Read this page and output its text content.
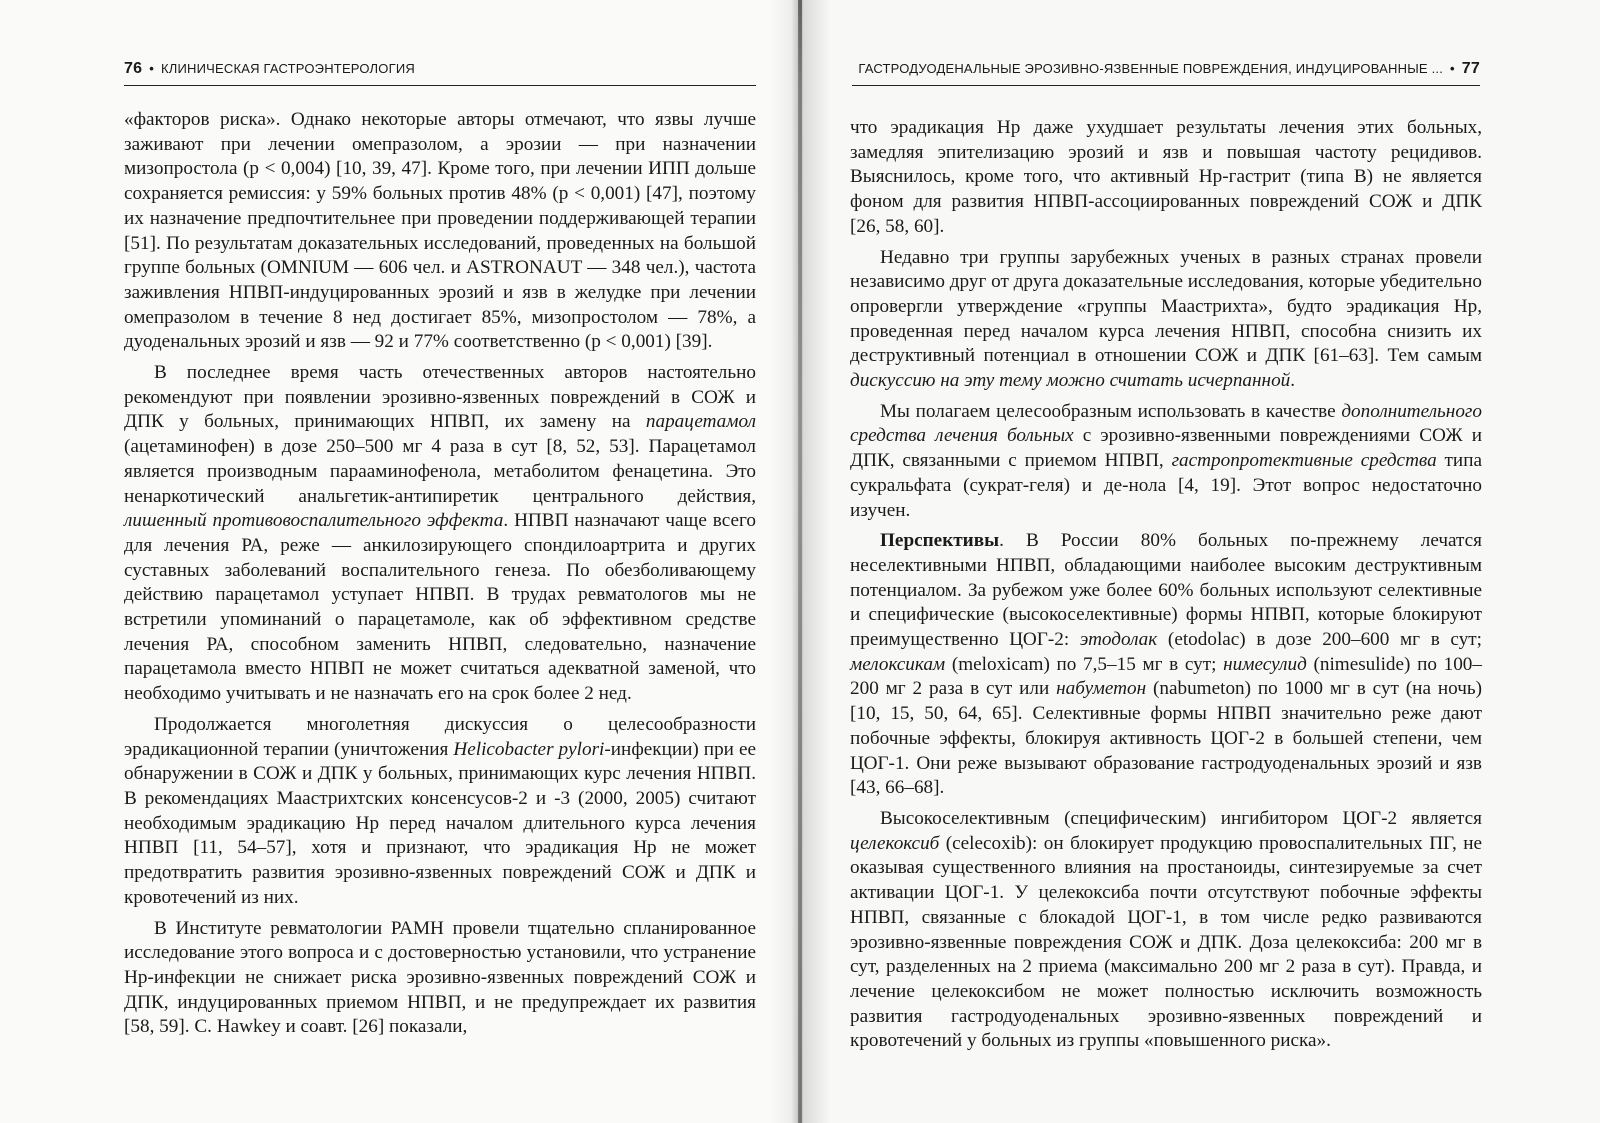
76 • КЛИНИЧЕСКАЯ ГАСТРОЭНТЕРОЛОГИЯ	ГАСТРОДУОДЕНАЛЬНЫЕ ЭРОЗИВНО-ЯЗВЕННЫЕ ПОВРЕЖДЕНИЯ, ИНДУЦИРОВАННЫЕ ... • 77

«факторов риска». Однако некоторые авторы отмечают, что язвы лучше заживают при лечении омепразолом, а эрозии — при назначении мизопростола (р < 0,004) [10, 39, 47]. Кроме того, при лечении ИПП дольше сохраняется ремиссия: у 59% больных против 48% (р < 0,001) [47], поэтому их назначение предпочтительнее при проведении поддерживающей терапии [51]. По результатам доказательных исследований, проведенных на большой группе больных (OMNIUM — 606 чел. и ASTRONAUT — 348 чел.), частота заживления НПВП-индуцированных эрозий и язв в желудке при лечении омепразолом в течение 8 нед достигает 85%, мизопростолом — 78%, а дуоденальных эрозий и язв — 92 и 77% соответственно (р < 0,001) [39].

В последнее время часть отечественных авторов настоятельно рекомендуют при появлении эрозивно-язвенных повреждений в СОЖ и ДПК у больных, принимающих НПВП, их замену на парацетамол (ацетаминофен) в дозе 250–500 мг 4 раза в сут [8, 52, 53]. Парацетамол является производным парааминофенола, метаболитом фенацетина. Это ненаркотический анальгетик-антипиретик центрального действия, лишенный противовоспалительного эффекта. НПВП назначают чаще всего для лечения РА, реже — анкилозирующего спондилоартрита и других суставных заболеваний воспалительного генеза. По обезболивающему действию парацетамол уступает НПВП. В трудах ревматологов мы не встретили упоминаний о парацетамоле, как об эффективном средстве лечения РА, способном заменить НПВП, следовательно, назначение парацетамола вместо НПВП не может считаться адекватной заменой, что необходимо учитывать и не назначать его на срок более 2 нед.

Продолжается многолетняя дискуссия о целесообразности эрадикационной терапии (уничтожения Helicobacter pylori-инфекции) при ее обнаружении в СОЖ и ДПК у больных, принимающих курс лечения НПВП. В рекомендациях Маастрихтских консенсусов-2 и -3 (2000, 2005) считают необходимым эрадикацию Нр перед началом длительного курса лечения НПВП [11, 54–57], хотя и признают, что эрадикация Нр не может предотвратить развития эрозивно-язвенных повреждений СОЖ и ДПК и кровотечений из них.

В Институте ревматологии РАМН провели тщательно спланированное исследование этого вопроса и с достоверностью установили, что устранение Нр-инфекции не снижает риска эрозивно-язвенных повреждений СОЖ и ДПК, индуцированных приемом НПВП, и не предупреждает их развития [58, 59]. С. Hawkey и соавт. [26] показали,

что эрадикация Нр даже ухудшает результаты лечения этих больных, замедляя эпителизацию эрозий и язв и повышая частоту рецидивов. Выяснилось, кроме того, что активный Нр-гастрит (типа В) не является фоном для развития НПВП-ассоциированных повреждений СОЖ и ДПК [26, 58, 60].

Недавно три группы зарубежных ученых в разных странах провели независимо друг от друга доказательные исследования, которые убедительно опровергли утверждение «группы Маастрихта», будто эрадикация Нр, проведенная перед началом курса лечения НПВП, способна снизить их деструктивный потенциал в отношении СОЖ и ДПК [61–63]. Тем самым дискуссию на эту тему можно считать исчерпанной.

Мы полагаем целесообразным использовать в качестве дополнительного средства лечения больных с эрозивно-язвенными повреждениями СОЖ и ДПК, связанными с приемом НПВП, гастропротективные средства типа сукральфата (сукрат-геля) и де-нола [4, 19]. Этот вопрос недостаточно изучен.

Перспективы. В России 80% больных по-прежнему лечатся неселективными НПВП, обладающими наиболее высоким деструктивным потенциалом. За рубежом уже более 60% больных используют селективные и специфические (высокоселективные) формы НПВП, которые блокируют преимущественно ЦОГ-2: этодолак (etodolac) в дозе 200–600 мг в сут; мелоксикам (meloxicam) по 7,5–15 мг в сут; нимесулид (nimesulide) по 100–200 мг 2 раза в сут или набуметон (nabumeton) по 1000 мг в сут (на ночь) [10, 15, 50, 64, 65]. Селективные формы НПВП значительно реже дают побочные эффекты, блокируя активность ЦОГ-2 в большей степени, чем ЦОГ-1. Они реже вызывают образование гастродуоденальных эрозий и язв [43, 66–68].

Высокоселективным (специфическим) ингибитором ЦОГ-2 является целекоксиб (celecoxib): он блокирует продукцию провоспалительных ПГ, не оказывая существенного влияния на простаноиды, синтезируемые за счет активации ЦОГ-1. У целекоксиба почти отсутствуют побочные эффекты НПВП, связанные с блокадой ЦОГ-1, в том числе редко развиваются эрозивно-язвенные повреждения СОЖ и ДПК. Доза целекоксиба: 200 мг в сут, разделенных на 2 приема (максимально 200 мг 2 раза в сут). Правда, и лечение целекоксибом не может полностью исключить возможность развития гастродуоденальных эрозивно-язвенных повреждений и кровотечений у больных из группы «повышенного риска».
